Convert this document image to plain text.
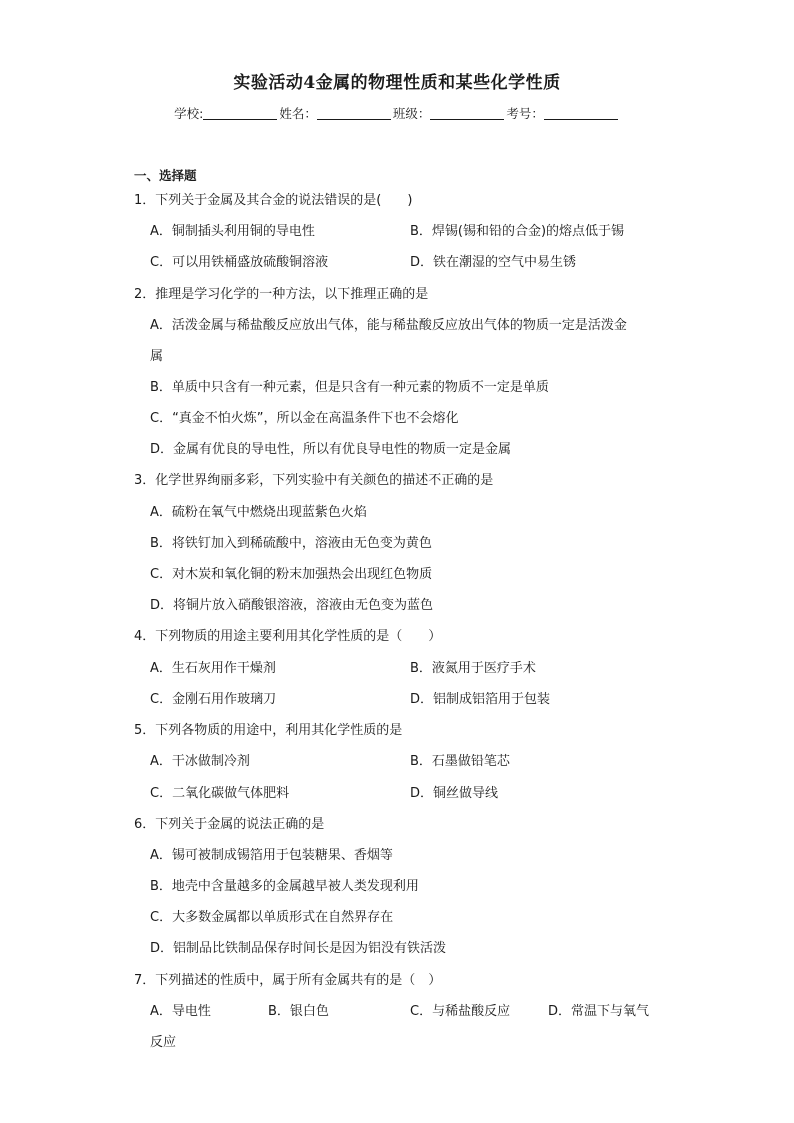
实验活动4金属的物理性质和某些化学性质
学校:	姓名：	班级：	考号：
一、选择题
1．下列关于金属及其合金的说法错误的是(　　)
A．铜制插头利用铜的导电性	B．焊锡(锡和铅的合金)的熔点低于锡
C．可以用铁桶盛放硫酸铜溶液	D．铁在潮湿的空气中易生锈
2．推理是学习化学的一种方法，以下推理正确的是
A．活泼金属与稀盐酸反应放出气体，能与稀盐酸反应放出气体的物质一定是活泼金
属
B．单质中只含有一种元素，但是只含有一种元素的物质不一定是单质
C．“真金不怕火炼”，所以金在高温条件下也不会熔化
D．金属有优良的导电性，所以有优良导电性的物质一定是金属
3．化学世界绚丽多彩，下列实验中有关颜色的描述不正确的是
A．硫粉在氧气中燃烧出现蓝紫色火焰
B．将铁钉加入到稀硫酸中，溶液由无色变为黄色
C．对木炭和氧化铜的粉末加强热会出现红色物质
D．将铜片放入硝酸银溶液，溶液由无色变为蓝色
4．下列物质的用途主要利用其化学性质的是（　　）
A．生石灰用作干燥剂	B．液氮用于医疗手术
C．金刚石用作玻璃刀	D．铝制成铝箔用于包装
5．下列各物质的用途中，利用其化学性质的是
A．干冰做制冷剂	B．石墨做铅笔芯
C．二氧化碳做气体肥料	D．铜丝做导线
6．下列关于金属的说法正确的是
A．锡可被制成锡箔用于包装糖果、香烟等
B．地壳中含量越多的金属越早被人类发现利用
C．大多数金属都以单质形式在自然界存在
D．铝制品比铁制品保存时间长是因为铝没有铁活泼
7．下列描述的性质中，属于所有金属共有的是（　）
A．导电性	B．银白色	C．与稀盐酸反应	D．常温下与氧气
反应
